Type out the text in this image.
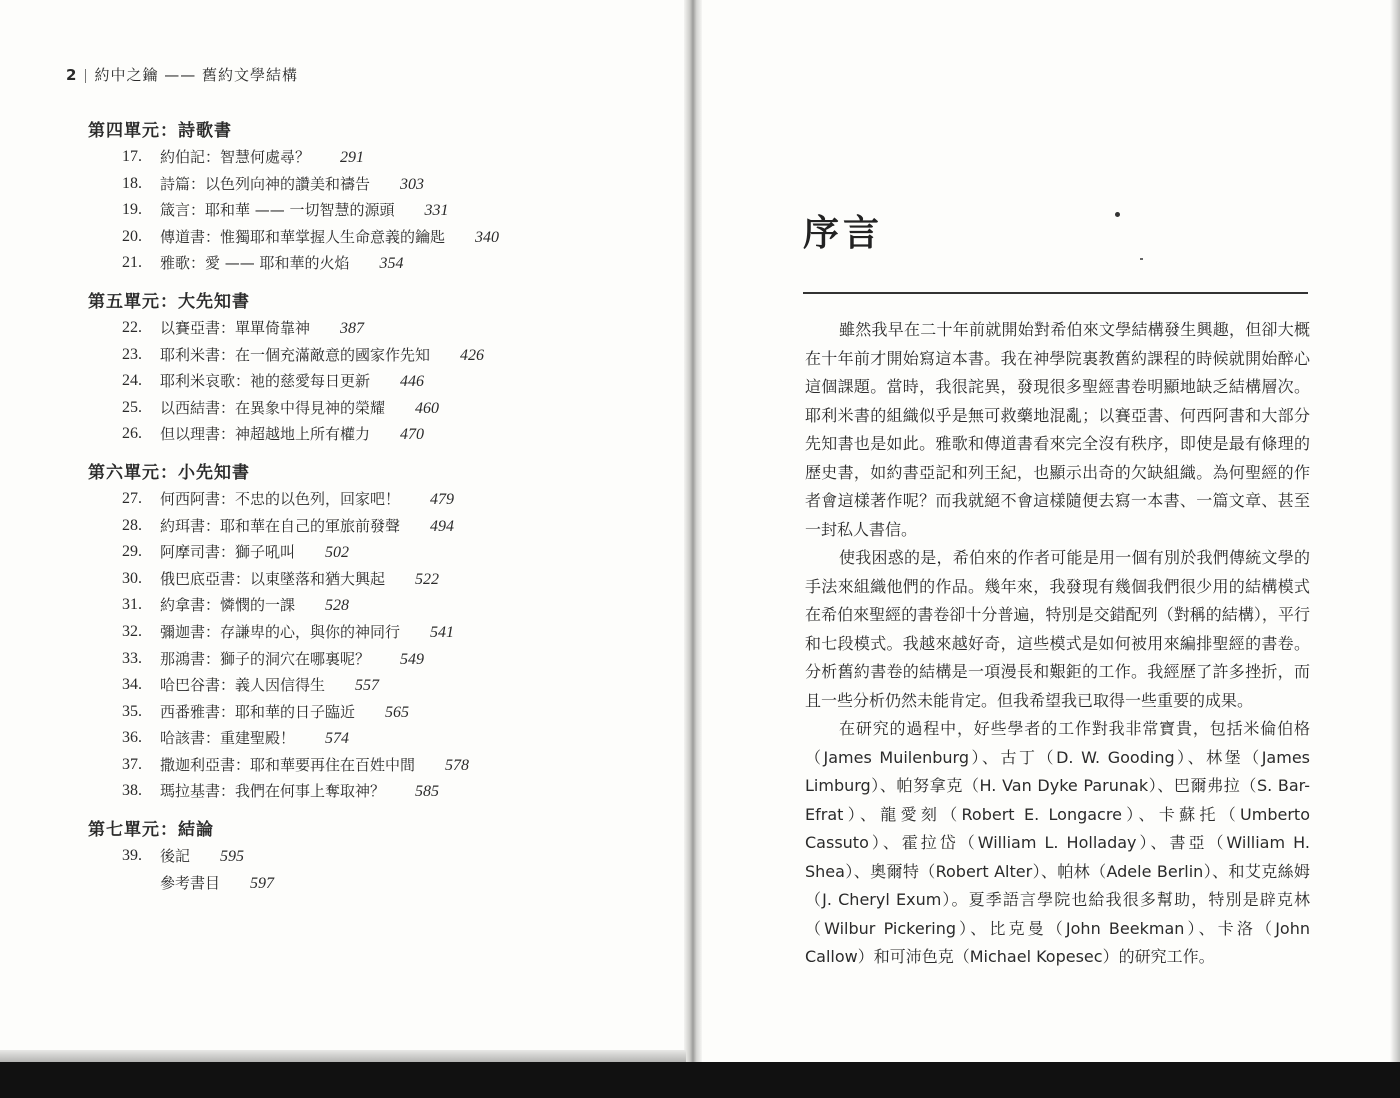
2 約中之鑰 —— 舊約文學結構
第四單元：詩歌書
17.	約伯記：智慧何處尋？ 291
18.	詩篇：以色列向神的讚美和禱告 303
19.	箴言：耶和華 —— 一切智慧的源頭 331
20.	傳道書：惟獨耶和華掌握人生命意義的鑰匙 340
21.	雅歌：愛 —— 耶和華的火焰 354
第五單元：大先知書
22.	以賽亞書：單單倚靠神 387
23.	耶利米書：在一個充滿敵意的國家作先知 426
24.	耶利米哀歌：祂的慈愛每日更新 446
25.	以西結書：在異象中得見神的榮耀 460
26.	但以理書：神超越地上所有權力 470
第六單元：小先知書
27.	何西阿書：不忠的以色列，回家吧！ 479
28.	約珥書：耶和華在自己的軍旅前發聲 494
29.	阿摩司書：獅子吼叫 502
30.	俄巴底亞書：以東墜落和猶大興起 522
31.	約拿書：憐憫的一課 528
32.	彌迦書：存謙卑的心，與你的神同行 541
33.	那鴻書：獅子的洞穴在哪裏呢？ 549
34.	哈巴谷書：義人因信得生 557
35.	西番雅書：耶和華的日子臨近 565
36.	哈該書：重建聖殿！ 574
37.	撒迦利亞書：耶和華要再住在百姓中間 578
38.	瑪拉基書：我們在何事上奪取神？ 585
第七單元：結論
39.	後記 595
參考書目 597
序言

雖然我早在二十年前就開始對希伯來文學結構發生興趣，但卻大概在十年前才開始寫這本書。我在神學院裏教舊約課程的時候就開始醉心這個課題。當時，我很詫異，發現很多聖經書卷明顯地缺乏結構層次。耶利米書的組織似乎是無可救藥地混亂；以賽亞書、何西阿書和大部分先知書也是如此。雅歌和傳道書看來完全沒有秩序，即使是最有條理的歷史書，如約書亞記和列王紀，也顯示出奇的欠缺組織。為何聖經的作者會這樣著作呢？而我就絕不會這樣隨便去寫一本書、一篇文章、甚至一封私人書信。

使我困惑的是，希伯來的作者可能是用一個有別於我們傳統文學的手法來組織他們的作品。幾年來，我發現有幾個我們很少用的結構模式在希伯來聖經的書卷卻十分普遍，特別是交錯配列（對稱的結構），平行和七段模式。我越來越好奇，這些模式是如何被用來編排聖經的書卷。分析舊約書卷的結構是一項漫長和艱鉅的工作。我經歷了許多挫折，而且一些分析仍然未能肯定。但我希望我已取得一些重要的成果。

在研究的過程中，好些學者的工作對我非常寶貴，包括米倫伯格（James Muilenburg）、古丁（D. W. Gooding）、林堡（James Limburg）、帕努拿克（H. Van Dyke Parunak）、巴爾弗拉（S. Bar-Efrat）、龍愛刻（Robert E. Longacre）、卡蘇托（Umberto Cassuto）、霍拉岱（William L. Holladay）、書亞（William H. Shea）、奧爾特（Robert Alter）、帕林（Adele Berlin）、和艾克絲姆（J. Cheryl Exum）。夏季語言學院也給我很多幫助，特別是辟克林（Wilbur Pickering）、比克曼（John Beekman）、卡洛（John Callow）和可沛色克（Michael Kopesec）的研究工作。
